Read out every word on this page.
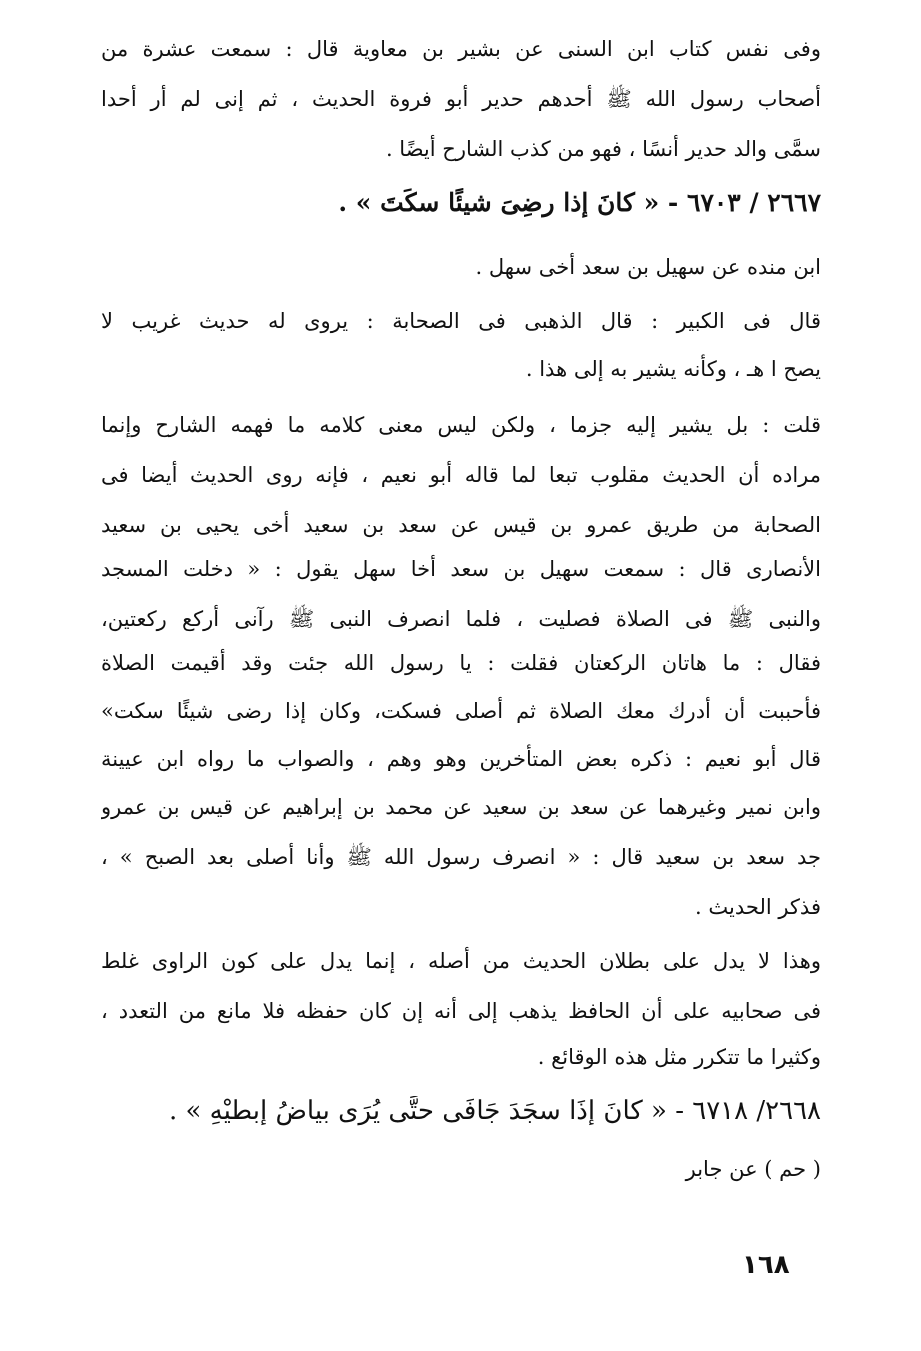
وفى نفس كتاب ابن السنى عن بشير بن معاوية قال : سمعت عشرة من
أصحاب رسول الله ﷺ أحدهم حدير أبو فروة الحديث ، ثم إنى لم أر أحدا
سمَّى والد حدير أنسًا ، فهو من كذب الشارح أيضًا .
٢٦٦٧ / ٦٧٠٣ - « كانَ إذا رضِىَ شيئًا سكَتَ » .
ابن منده عن سهيل بن سعد أخى سهل .
قال فى الكبير : قال الذهبى فى الصحابة : يروى له حديث غريب لا
يصح ا هـ ، وكأنه يشير به إلى هذا .
قلت : بل يشير إليه جزما ، ولكن ليس معنى كلامه ما فهمه الشارح وإنما
مراده أن الحديث مقلوب تبعا لما قاله أبو نعيم ، فإنه روى الحديث أيضا فى
الصحابة من طريق عمرو بن قيس عن سعد بن سعيد أخى يحيى بن سعيد
الأنصارى قال : سمعت سهيل بن سعد أخا سهل يقول : « دخلت المسجد
والنبى ﷺ فى الصلاة فصليت ، فلما انصرف النبى ﷺ رآنى أركع ركعتين،
فقال : ما هاتان الركعتان فقلت : يا رسول الله جئت وقد أقيمت الصلاة
فأحببت أن أدرك معك الصلاة ثم أصلى فسكت، وكان إذا رضى شيئًا سكت»
قال أبو نعيم : ذكره بعض المتأخرين وهو وهم ، والصواب ما رواه ابن عيينة
وابن نمير وغيرهما عن سعد بن سعيد عن محمد بن إبراهيم عن قيس بن عمرو
جد سعد بن سعيد قال : « انصرف رسول الله ﷺ وأنا أصلى بعد الصبح » ،
فذكر الحديث .
وهذا لا يدل على بطلان الحديث من أصله ، إنما يدل على كون الراوى غلط
فى صحابيه على أن الحافظ يذهب إلى أنه إن كان حفظه فلا مانع من التعدد ،
وكثيرا ما تتكرر مثل هذه الوقائع .
٢٦٦٨/ ٦٧١٨ - « كانَ إذَا سجَدَ جَافَى حتَّى يُرَى بياضُ إبطيْهِ » .
( حم ) عن جابر
١٦٨
